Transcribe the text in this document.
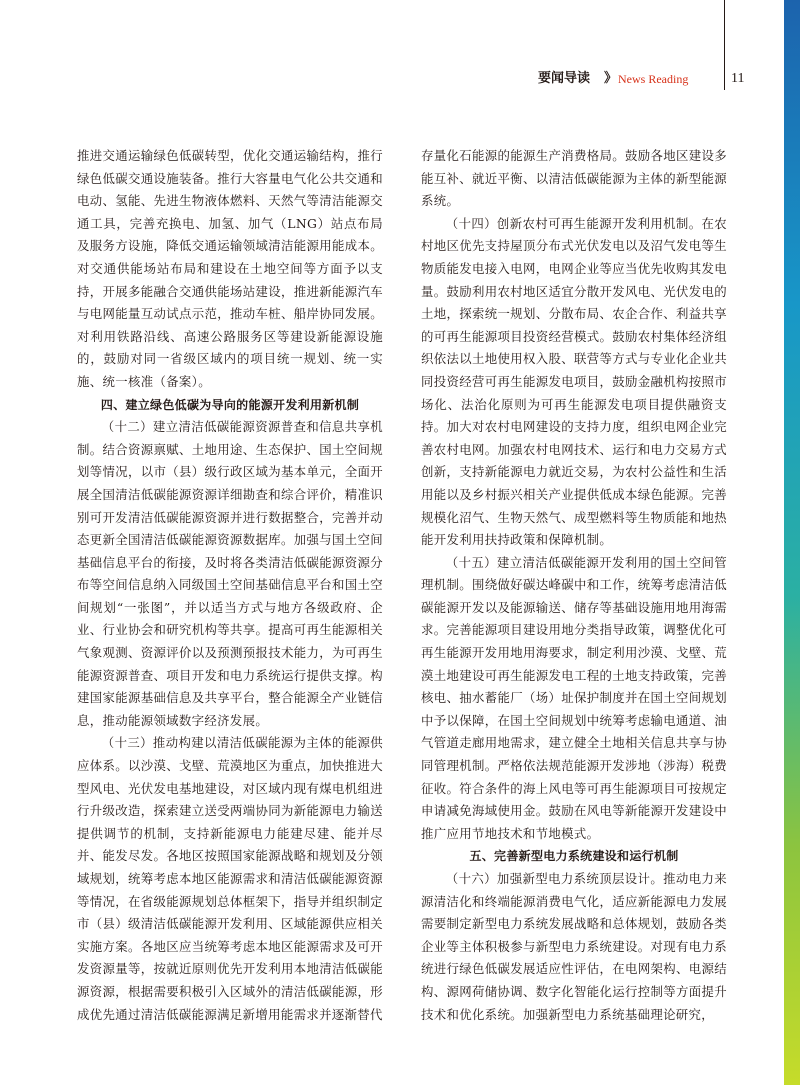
要闻导读 》 News Reading	11

推进交通运输绿色低碳转型，优化交通运输结构，推行绿色低碳交通设施装备。推行大容量电气化公共交通和电动、氢能、先进生物液体燃料、天然气等清洁能源交通工具，完善充换电、加氢、加气（LNG）站点布局及服务方设施，降低交通运输领域清洁能源用能成本。对交通供能场站布局和建设在土地空间等方面予以支持，开展多能融合交通供能场站建设，推进新能源汽车与电网能量互动试点示范，推动车桩、船岸协同发展。对利用铁路沿线、高速公路服务区等建设新能源设施的，鼓励对同一省级区域内的项目统一规划、统一实施、统一核准（备案）。

四、建立绿色低碳为导向的能源开发利用新机制

（十二）建立清洁低碳能源资源普查和信息共享机制。结合资源禀赋、土地用途、生态保护、国土空间规划等情况，以市（县）级行政区域为基本单元，全面开展全国清洁低碳能源资源详细勘查和综合评价，精准识别可开发清洁低碳能源资源并进行数据整合，完善并动态更新全国清洁低碳能源资源数据库。加强与国土空间基础信息平台的衔接，及时将各类清洁低碳能源资源分布等空间信息纳入同级国土空间基础信息平台和国土空间规划“一张图”，并以适当方式与地方各级政府、企业、行业协会和研究机构等共享。提高可再生能源相关气象观测、资源评价以及预测预报技术能力，为可再生能源资源普查、项目开发和电力系统运行提供支撑。构建国家能源基础信息及共享平台，整合能源全产业链信息，推动能源领域数字经济发展。

（十三）推动构建以清洁低碳能源为主体的能源供应体系。以沙漠、戈壁、荒漠地区为重点，加快推进大型风电、光伏发电基地建设，对区域内现有煤电机组进行升级改造，探索建立送受两端协同为新能源电力输送提供调节的机制，支持新能源电力能建尽建、能并尽并、能发尽发。各地区按照国家能源战略和规划及分领域规划，统筹考虑本地区能源需求和清洁低碳能源资源等情况，在省级能源规划总体框架下，指导并组织制定市（县）级清洁低碳能源开发利用、区域能源供应相关实施方案。各地区应当统筹考虑本地区能源需求及可开发资源量等，按就近原则优先开发利用本地清洁低碳能源资源，根据需要积极引入区域外的清洁低碳能源，形成优先通过清洁低碳能源满足新增用能需求并逐渐替代

存量化石能源的能源生产消费格局。鼓励各地区建设多能互补、就近平衡、以清洁低碳能源为主体的新型能源系统。

（十四）创新农村可再生能源开发利用机制。在农村地区优先支持屋顶分布式光伏发电以及沼气发电等生物质能发电接入电网，电网企业等应当优先收购其发电量。鼓励利用农村地区适宜分散开发风电、光伏发电的土地，探索统一规划、分散布局、农企合作、利益共享的可再生能源项目投资经营模式。鼓励农村集体经济组织依法以土地使用权入股、联营等方式与专业化企业共同投资经营可再生能源发电项目，鼓励金融机构按照市场化、法治化原则为可再生能源发电项目提供融资支持。加大对农村电网建设的支持力度，组织电网企业完善农村电网。加强农村电网技术、运行和电力交易方式创新，支持新能源电力就近交易，为农村公益性和生活用能以及乡村振兴相关产业提供低成本绿色能源。完善规模化沼气、生物天然气、成型燃料等生物质能和地热能开发利用扶持政策和保障机制。

（十五）建立清洁低碳能源开发利用的国土空间管理机制。围绕做好碳达峰碳中和工作，统筹考虑清洁低碳能源开发以及能源输送、储存等基础设施用地用海需求。完善能源项目建设用地分类指导政策，调整优化可再生能源开发用地用海要求，制定利用沙漠、戈壁、荒漠土地建设可再生能源发电工程的土地支持政策，完善核电、抽水蓄能厂（场）址保护制度并在国土空间规划中予以保障，在国土空间规划中统筹考虑输电通道、油气管道走廊用地需求，建立健全土地相关信息共享与协同管理机制。严格依法规范能源开发涉地（涉海）税费征收。符合条件的海上风电等可再生能源项目可按规定申请减免海域使用金。鼓励在风电等新能源开发建设中推广应用节地技术和节地模式。

五、完善新型电力系统建设和运行机制

（十六）加强新型电力系统顶层设计。推动电力来源清洁化和终端能源消费电气化，适应新能源电力发展需要制定新型电力系统发展战略和总体规划，鼓励各类企业等主体积极参与新型电力系统建设。对现有电力系统进行绿色低碳发展适应性评估，在电网架构、电源结构、源网荷储协调、数字化智能化运行控制等方面提升技术和优化系统。加强新型电力系统基础理论研究，
